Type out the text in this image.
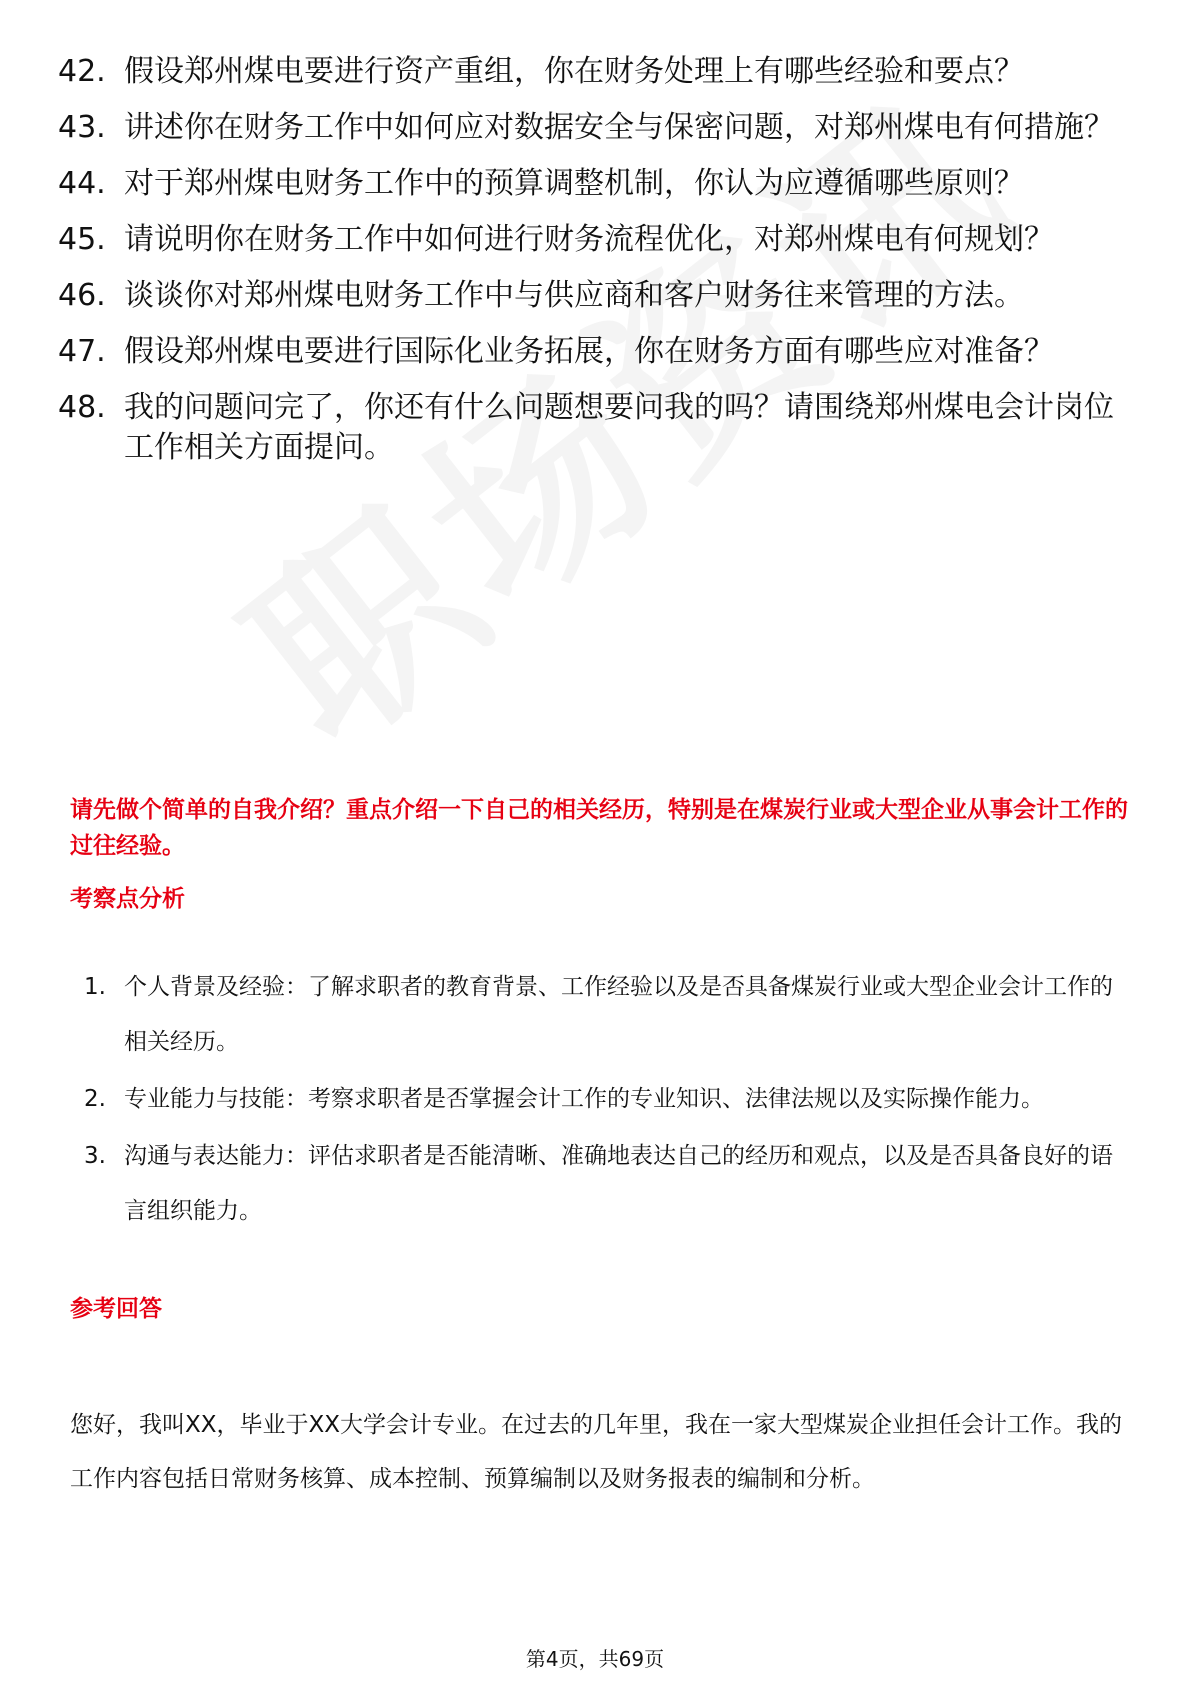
42. 假设郑州煤电要进行资产重组，你在财务处理上有哪些经验和要点？
43. 讲述你在财务工作中如何应对数据安全与保密问题，对郑州煤电有何措施？
44. 对于郑州煤电财务工作中的预算调整机制，你认为应遵循哪些原则？
45. 请说明你在财务工作中如何进行财务流程优化，对郑州煤电有何规划？
46. 谈谈你对郑州煤电财务工作中与供应商和客户财务往来管理的方法。
47. 假设郑州煤电要进行国际化业务拓展，你在财务方面有哪些应对准备？
48. 我的问题问完了，你还有什么问题想要问我的吗？请围绕郑州煤电会计岗位工作相关方面提问。
请先做个简单的自我介绍？重点介绍一下自己的相关经历，特别是在煤炭行业或大型企业从事会计工作的过往经验。
考察点分析
1. 个人背景及经验：了解求职者的教育背景、工作经验以及是否具备煤炭行业或大型企业会计工作的相关经历。
2. 专业能力与技能：考察求职者是否掌握会计工作的专业知识、法律法规以及实际操作能力。
3. 沟通与表达能力：评估求职者是否能清晰、准确地表达自己的经历和观点，以及是否具备良好的语言组织能力。
参考回答
您好，我叫XX，毕业于XX大学会计专业。在过去的几年里，我在一家大型煤炭企业担任会计工作。我的工作内容包括日常财务核算、成本控制、预算编制以及财务报表的编制和分析。
第4页，共69页
